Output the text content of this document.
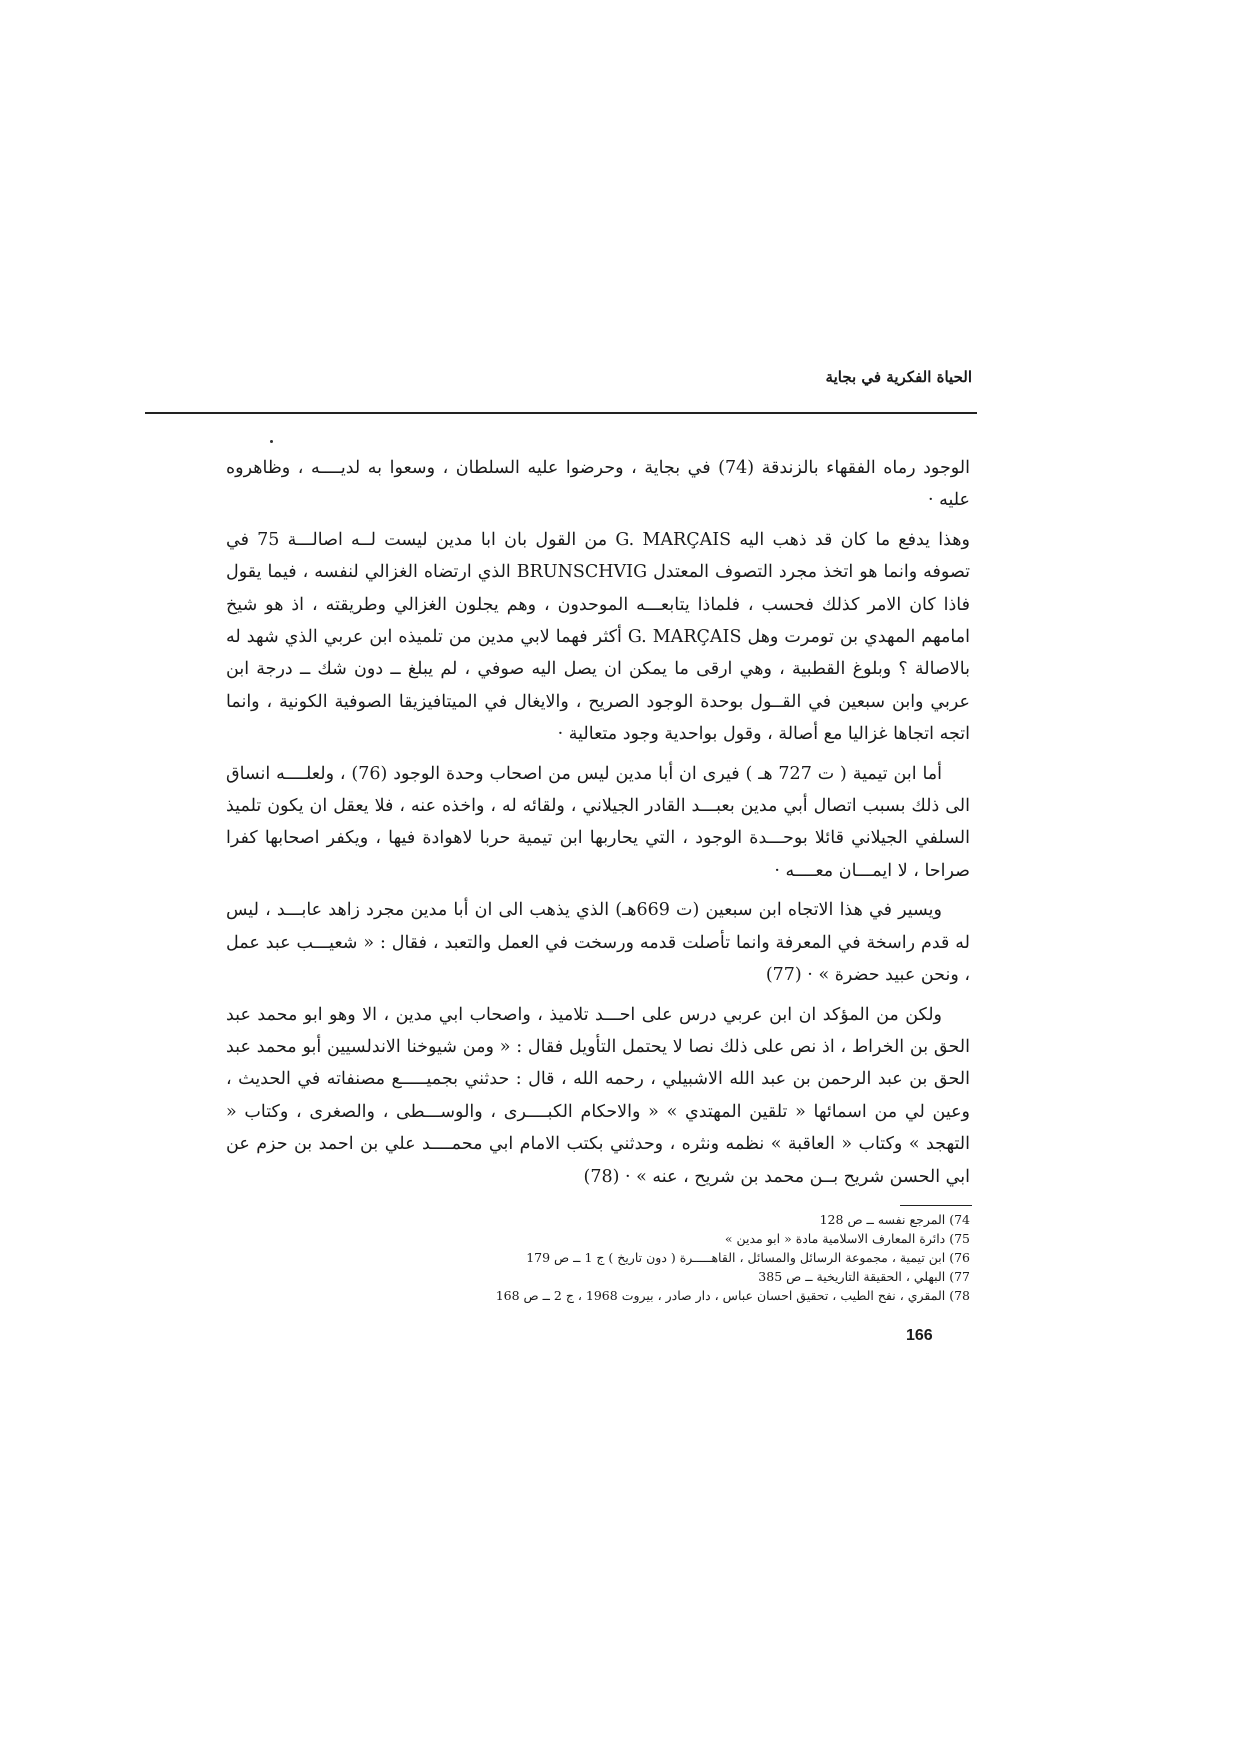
الحياة الفكرية في بجاية

الوجود رماه الفقهاء بالزندقة (74) في بجاية ، وحرضوا عليه السلطان ، وسعوا به لديــــه ، وظاهروه عليه ·

وهذا يدفع ما كان قد ذهب اليه G. MARÇAIS من القول بان ابا مدين ليست لــه اصالـــة 75 في تصوفه وانما هو اتخذ مجرد التصوف المعتدل BRUNSCHVIG الذي ارتضاه الغزالي لنفسه ، فيما يقول فاذا كان الامر كذلك فحسب ، فلماذا يتابعـــه الموحدون ، وهم يجلون الغزالي وطريقته ، اذ هو شيخ امامهم المهدي بن تومرت وهل G. MARÇAIS أكثر فهما لابي مدين من تلميذه ابن عربي الذي شهد له بالاصالة ؟ وبلوغ القطبية ، وهي ارقى ما يمكن ان يصل اليه صوفي ، لم يبلغ ــ دون شك ــ درجة ابن عربي وابن سبعين في القــول بوحدة الوجود الصريح ، والايغال في الميتافيزيقا الصوفية الكونية ، وانما اتجه اتجاها غزاليا مع أصالة ، وقول بواحدية وجود متعالية ·

أما ابن تيمية ( ت 727 هـ ) فيرى ان أبا مدين ليس من اصحاب وحدة الوجود (76) ، ولعلــــه انساق الى ذلك بسبب اتصال أبي مدين بعبـــد القادر الجيلاني ، ولقائه له ، واخذه عنه ، فلا يعقل ان يكون تلميذ السلفي الجيلاني قائلا بوحـــدة الوجود ، التي يحاربها ابن تيمية حربا لاهوادة فيها ، ويكفر اصحابها كفرا صراحا ، لا ايمـــان معــــه ·

ويسير في هذا الاتجاه ابن سبعين (ت 669هـ) الذي يذهب الى ان أبا مدين مجرد زاهد عابـــد ، ليس له قدم راسخة في المعرفة وانما تأصلت قدمه ورسخت في العمل والتعبد ، فقال : « شعيـــب عبد عمل ، ونحن عبيد حضرة » · (77)

ولكن من المؤكد ان ابن عربي درس على احـــد تلاميذ ، واصحاب ابي مدين ، الا وهو ابو محمد عبد الحق بن الخراط ، اذ نص على ذلك نصا لا يحتمل التأويل فقال : « ومن شيوخنا الاندلسيين أبو محمد عبد الحق بن عبد الرحمن بن عبد الله الاشبيلي ، رحمه الله ، قال : حدثني بجميـــــع مصنفاته في الحديث ، وعين لي من اسمائها « تلقين المهتدي » « والاحكام الكبــــرى ، والوســـطى ، والصغرى ، وكتاب « التهجد » وكتاب « العاقبة » نظمه ونثره ، وحدثني بكتب الامام ابي محمــــد علي بن احمد بن حزم عن ابي الحسن شريح بــن محمد بن شريح ، عنه » · (78)

74) المرجع نفسه ــ ص 128
75) دائرة المعارف الاسلامية مادة « ابو مدين »
76) ابن تيمية ، مجموعة الرسائل والمسائل ، القاهـــــرة ( دون تاريخ ) ج 1 ــ ص 179
77) البهلي ، الحقيقة التاريخية ــ ص 385
78) المقري ، نفح الطيب ، تحقيق احسان عباس ، دار صادر ، بيروت 1968 ، ج 2 ــ ص 168
166
